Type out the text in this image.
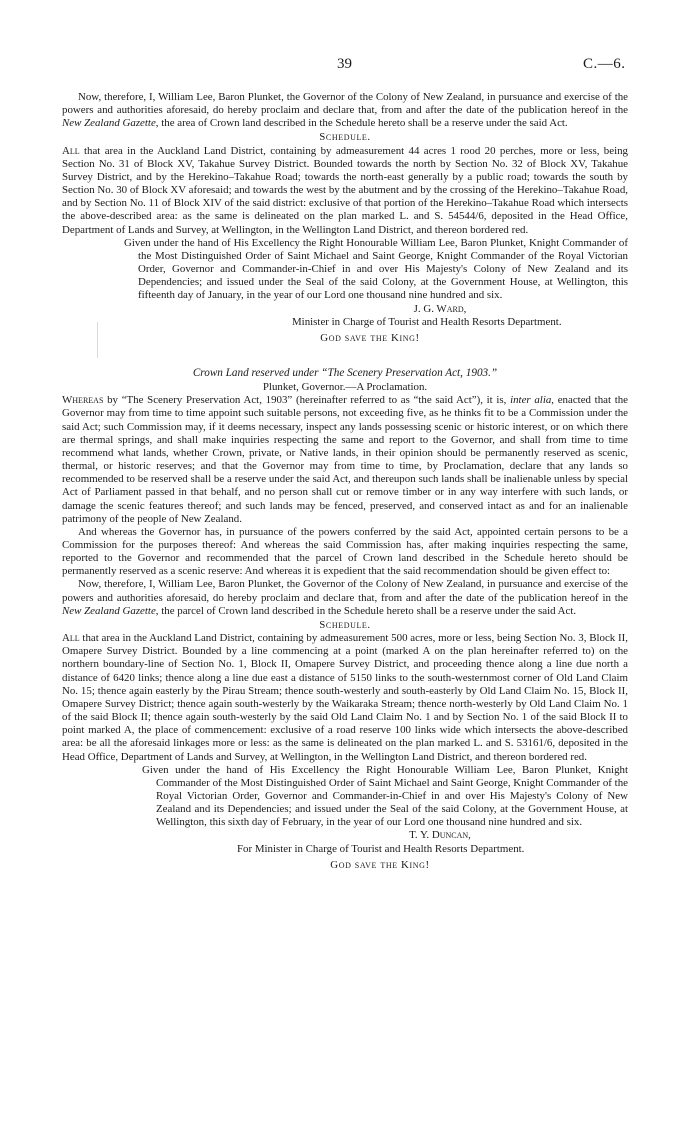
39	C.—6.

Now, therefore, I, William Lee, Baron Plunket, the Governor of the Colony of New Zealand, in pursuance and exercise of the powers and authorities aforesaid, do hereby proclaim and declare that, from and after the date of the publication hereof in the New Zealand Gazette, the area of Crown land described in the Schedule hereto shall be a reserve under the said Act.

Schedule.

All that area in the Auckland Land District, containing by admeasurement 44 acres 1 rood 20 perches, more or less, being Section No. 31 of Block XV, Takahue Survey District. Bounded towards the north by Section No. 32 of Block XV, Takahue Survey District, and by the Herekino–Takahue Road; towards the north-east generally by a public road; towards the south by Section No. 30 of Block XV aforesaid; and towards the west by the abutment and by the crossing of the Herekino–Takahue Road, and by Section No. 11 of Block XIV of the said district: exclusive of that portion of the Herekino–Takahue Road which intersects the above-described area: as the same is delineated on the plan marked L. and S. 54544/6, deposited in the Head Office, Department of Lands and Survey, at Wellington, in the Wellington Land District, and thereon bordered red.

Given under the hand of His Excellency the Right Honourable William Lee, Baron Plunket, Knight Commander of the Most Distinguished Order of Saint Michael and Saint George, Knight Commander of the Royal Victorian Order, Governor and Commander-in-Chief in and over His Majesty's Colony of New Zealand and its Dependencies; and issued under the Seal of the said Colony, at the Government House, at Wellington, this fifteenth day of January, in the year of our Lord one thousand nine hundred and six.

J. G. Ward,

Minister in Charge of Tourist and Health Resorts Department.

God save the King!

Crown Land reserved under “The Scenery Preservation Act, 1903.”

Plunket, Governor.—A Proclamation.

Whereas by “The Scenery Preservation Act, 1903” (hereinafter referred to as “the said Act”), it is, inter alia, enacted that the Governor may from time to time appoint such suitable persons, not exceeding five, as he thinks fit to be a Commission under the said Act; such Commission may, if it deems necessary, inspect any lands possessing scenic or historic interest, or on which there are thermal springs, and shall make inquiries respecting the same and report to the Governor, and shall from time to time recommend what lands, whether Crown, private, or Native lands, in their opinion should be permanently reserved as scenic, thermal, or historic reserves; and that the Governor may from time to time, by Proclamation, declare that any lands so recommended to be reserved shall be a reserve under the said Act, and thereupon such lands shall be inalienable unless by special Act of Parliament passed in that behalf, and no person shall cut or remove timber or in any way interfere with such lands, or damage the scenic features thereof; and such lands may be fenced, preserved, and conserved intact as and for an inalienable patrimony of the people of New Zealand.

And whereas the Governor has, in pursuance of the powers conferred by the said Act, appointed certain persons to be a Commission for the purposes thereof: And whereas the said Commission has, after making inquiries respecting the same, reported to the Governor and recommended that the parcel of Crown land described in the Schedule hereto should be permanently reserved as a scenic reserve: And whereas it is expedient that the said recommendation should be given effect to:

Now, therefore, I, William Lee, Baron Plunket, the Governor of the Colony of New Zealand, in pursuance and exercise of the powers and authorities aforesaid, do hereby proclaim and declare that, from and after the date of the publication hereof in the New Zealand Gazette, the parcel of Crown land described in the Schedule hereto shall be a reserve under the said Act.

Schedule.

All that area in the Auckland Land District, containing by admeasurement 500 acres, more or less, being Section No. 3, Block II, Omapere Survey District. Bounded by a line commencing at a point (marked A on the plan hereinafter referred to) on the northern boundary-line of Section No. 1, Block II, Omapere Survey District, and proceeding thence along a line due north a distance of 6420 links; thence along a line due east a distance of 5150 links to the south-westernmost corner of Old Land Claim No. 15; thence again easterly by the Pirau Stream; thence south-westerly and south-easterly by Old Land Claim No. 15, Block II, Omapere Survey District; thence again south-westerly by the Waikaraka Stream; thence north-westerly by Old Land Claim No. 1 of the said Block II; thence again south-westerly by the said Old Land Claim No. 1 and by Section No. 1 of the said Block II to point marked A, the place of commencement: exclusive of a road reserve 100 links wide which intersects the above-described area: be all the aforesaid linkages more or less: as the same is delineated on the plan marked L. and S. 53161/6, deposited in the Head Office, Department of Lands and Survey, at Wellington, in the Wellington Land District, and thereon bordered red.

Given under the hand of His Excellency the Right Honourable William Lee, Baron Plunket, Knight Commander of the Most Distinguished Order of Saint Michael and Saint George, Knight Commander of the Royal Victorian Order, Governor and Commander-in-Chief in and over His Majesty's Colony of New Zealand and its Dependencies; and issued under the Seal of the said Colony, at the Government House, at Wellington, this sixth day of February, in the year of our Lord one thousand nine hundred and six.

T. Y. Duncan,

For Minister in Charge of Tourist and Health Resorts Department.

God save the King!
